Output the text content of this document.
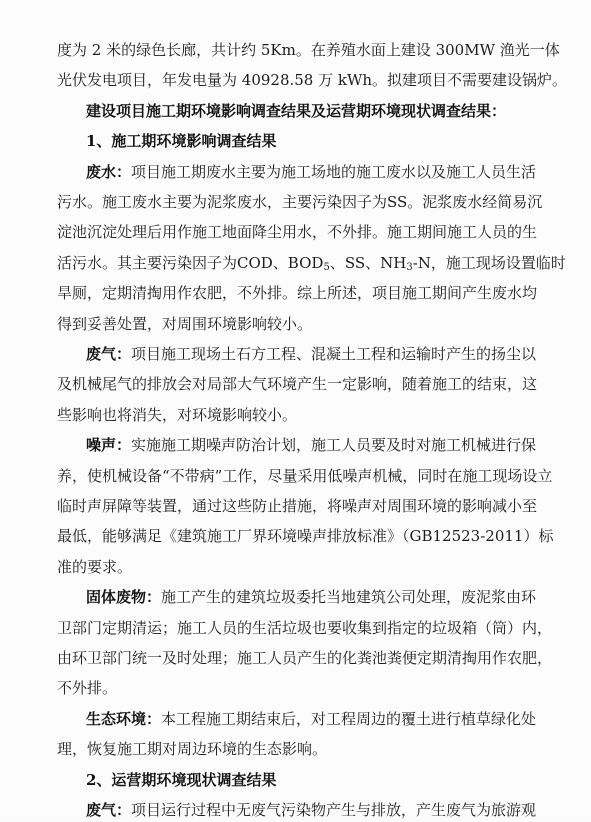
度为 2 米的绿色长廊，共计约 5Km。在养殖水面上建设 300MW 渔光一体
光伏发电项目，年发电量为 40928.58 万 kWh。拟建项目不需要建设锅炉。
建设项目施工期环境影响调查结果及运营期环境现状调查结果：
1、施工期环境影响调查结果
废水：项目施工期废水主要为施工场地的施工废水以及施工人员生活
污水。施工废水主要为泥浆废水，主要污染因子为SS。泥浆废水经简易沉
淀池沉淀处理后用作施工地面降尘用水，不外排。施工期间施工人员的生
活污水。其主要污染因子为COD、$BOD_5$、SS、$NH_3-N$，施工现场设置临时
旱厕，定期清掏用作农肥，不外排。综上所述，项目施工期间产生废水均
得到妥善处置，对周围环境影响较小。
废气：项目施工现场土石方工程、混凝土工程和运输时产生的扬尘以
及机械尾气的排放会对局部大气环境产生一定影响，随着施工的结束，这
些影响也将消失，对环境影响较小。
噪声：实施施工期噪声防治计划，施工人员要及时对施工机械进行保
养，使机械设备“不带病”工作，尽量采用低噪声机械，同时在施工现场设立
临时声屏障等装置，通过这些防止措施，将噪声对周围环境的影响减小至
最低，能够满足《建筑施工厂界环境噪声排放标准》（GB12523-2011）标
准的要求。
固体废物：施工产生的建筑垃圾委托当地建筑公司处理，废泥浆由环
卫部门定期清运；施工人员的生活垃圾也要收集到指定的垃圾箱（筒）内，
由环卫部门统一及时处理；施工人员产生的化粪池粪便定期清掏用作农肥，
不外排。
生态环境：本工程施工期结束后，对工程周边的覆土进行植草绿化处
理，恢复施工期对周边环境的生态影响。
2、运营期环境现状调查结果
废气：项目运行过程中无废气污染物产生与排放，产生废气为旅游观
